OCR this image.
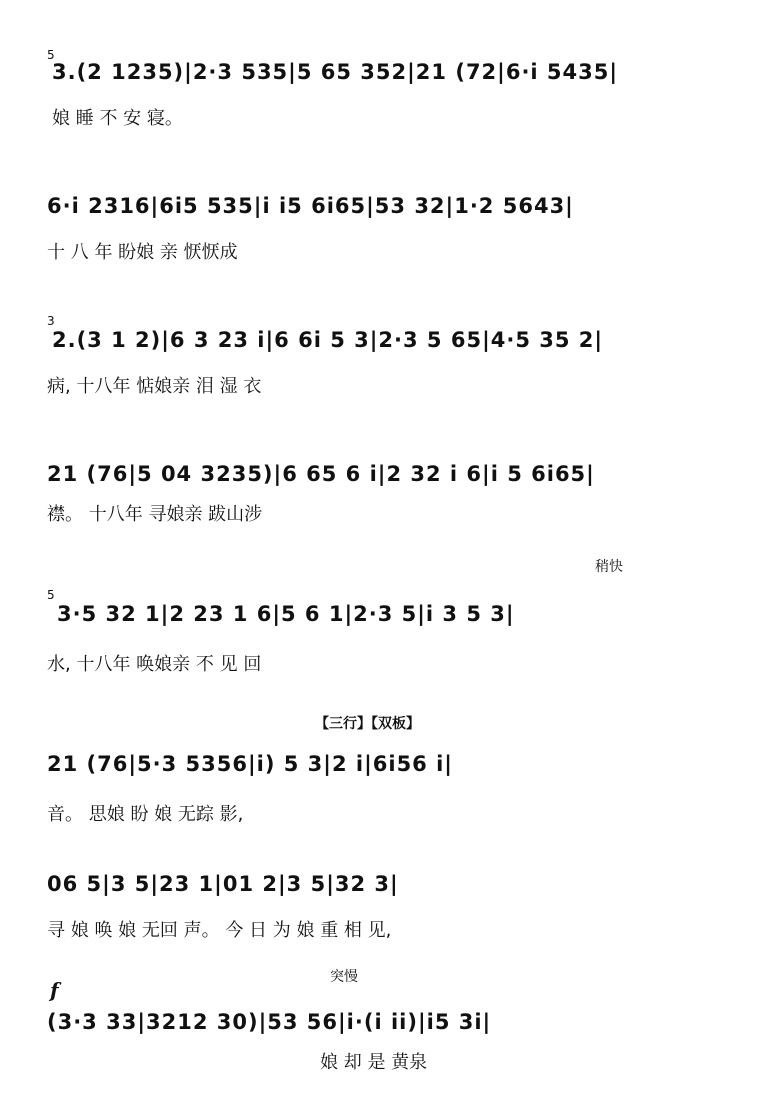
5
3.(2 1235)|2·3 535|5 65 352|21 (72|6·i 5435|
娘 睡 不 安 寝。
6·i 2316|6i5 535|i i5 6i65|53 32|1·2 5643|
十 八 年 盼娘 亲 恹恹成
3
2.(3 1 2)|6 3 23 i|6 6i 5 3|2·3 5 65|4·5 35 2|
病, 十八年 惦娘亲 泪 湿 衣
21 (76|5 04 3235)|6 65 6 i|2 32 i 6|i 5 6i65|
襟。 十八年 寻娘亲 跋山涉
稍快
5
3·5 32 1|2 23 1 6|5 6 1|2·3 5|i 3 5 3|
水, 十八年 唤娘亲 不 见 回
【三行】【双板】
21 (76|5·3 5356|i) 5 3|2 i|6i56 i|
音。 思娘 盼 娘 无踪 影,
06 5|3 5|23 1|01 2|3 5|32 3|
寻 娘 唤 娘 无回 声。 今 日 为 娘 重 相 见,
f
突慢
(3·3 33|3212 30)|53 56|i·(i ii)|i5 3i|
娘 却 是 黄泉
